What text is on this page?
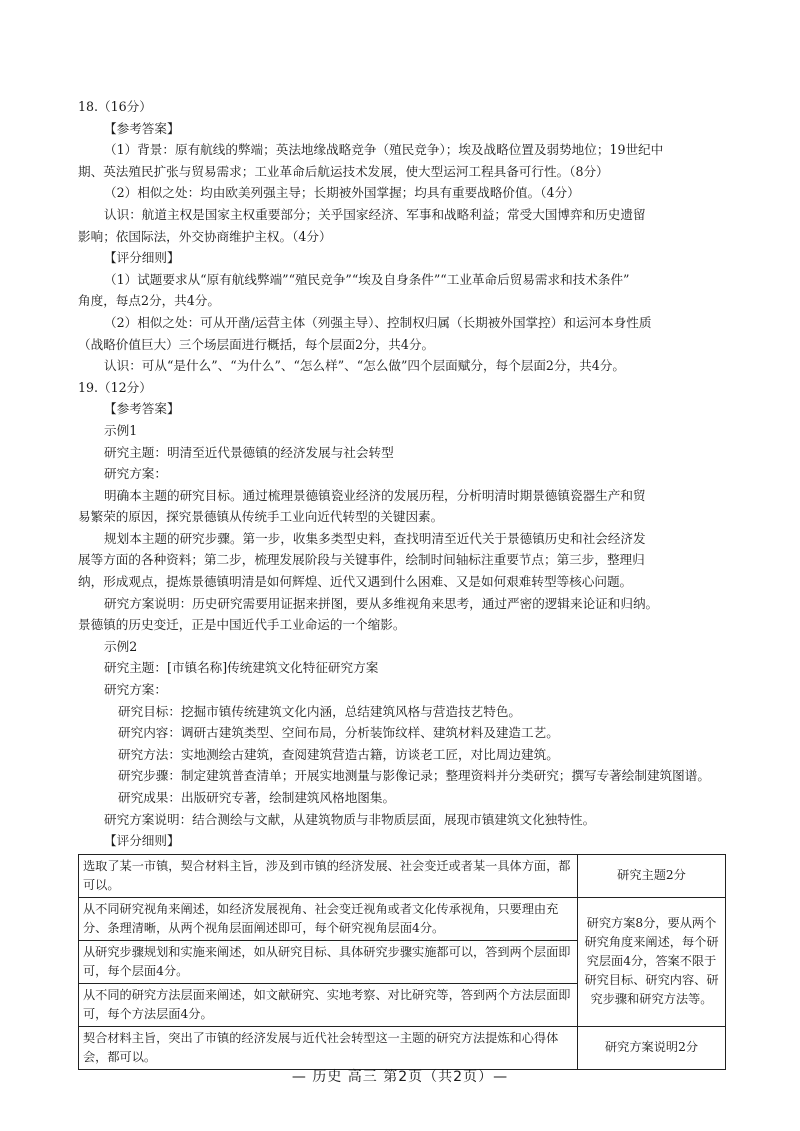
18.（16分）
【参考答案】
（1）背景：原有航线的弊端；英法地缘战略竞争（殖民竞争）；埃及战略位置及弱势地位；19世纪中
期、英法殖民扩张与贸易需求；工业革命后航运技术发展，使大型运河工程具备可行性。（8分）
（2）相似之处：均由欧美列强主导；长期被外国掌握；均具有重要战略价值。（4分）
认识：航道主权是国家主权重要部分；关乎国家经济、军事和战略利益；常受大国博弈和历史遗留
影响；依国际法，外交协商维护主权。（4分）
【评分细则】
（1）试题要求从“原有航线弊端”“殖民竞争”“埃及自身条件”“工业革命后贸易需求和技术条件”
角度，每点2分，共4分。
（2）相似之处：可从开凿/运营主体（列强主导）、控制权归属（长期被外国掌控）和运河本身性质
（战略价值巨大）三个场层面进行概括，每个层面2分，共4分。
认识：可从“是什么”、“为什么”、“怎么样”、“怎么做”四个层面赋分，每个层面2分，共4分。
19.（12分）
【参考答案】
示例1
研究主题：明清至近代景德镇的经济发展与社会转型
研究方案：
明确本主题的研究目标。通过梳理景德镇瓷业经济的发展历程，分析明清时期景德镇瓷器生产和贸
易繁荣的原因，探究景德镇从传统手工业向近代转型的关键因素。
规划本主题的研究步骤。第一步，收集多类型史料，查找明清至近代关于景德镇历史和社会经济发
展等方面的各种资料；第二步，梳理发展阶段与关键事件，绘制时间轴标注重要节点；第三步，整理归
纳，形成观点，提炼景德镇明清是如何辉煌、近代又遇到什么困难、又是如何艰难转型等核心问题。
研究方案说明：历史研究需要用证据来拼图，要从多维视角来思考，通过严密的逻辑来论证和归纳。
景德镇的历史变迁，正是中国近代手工业命运的一个缩影。
示例2
研究主题：[市镇名称]传统建筑文化特征研究方案
研究方案：
研究目标：挖掘市镇传统建筑文化内涵，总结建筑风格与营造技艺特色。
研究内容：调研古建筑类型、空间布局，分析装饰纹样、建筑材料及建造工艺。
研究方法：实地测绘古建筑，查阅建筑营造古籍，访谈老工匠，对比周边建筑。
研究步骤：制定建筑普查清单；开展实地测量与影像记录；整理资料并分类研究；撰写专著绘制建筑图谱。
研究成果：出版研究专著，绘制建筑风格地图集。
研究方案说明：结合测绘与文献，从建筑物质与非物质层面，展现市镇建筑文化独特性。
【评分细则】
选取了某一市镇，契合材料主旨，涉及到市镇的经济发展、社会变迁或者某一具体方面，都可以。	研究主题2分
从不同研究视角来阐述，如经济发展视角、社会变迁视角或者文化传承视角，只要理由充分、条理清晰，从两个视角层面阐述即可，每个研究视角层面4分。	研究方案8分，要从两个研究角度来阐述，每个研究层面4分，答案不限于研究目标、研究内容、研究步骤和研究方法等。
从研究步骤规划和实施来阐述，如从研究目标、具体研究步骤实施都可以，答到两个层面即可，每个层面4分。	
从不同的研究方法层面来阐述，如文献研究、实地考察、对比研究等，答到两个方法层面即可，每个方法层面4分。	
契合材料主旨，突出了市镇的经济发展与近代社会转型这一主题的研究方法提炼和心得体会，都可以。	研究方案说明2分
— 历史 高三 第2页（共2页）—
